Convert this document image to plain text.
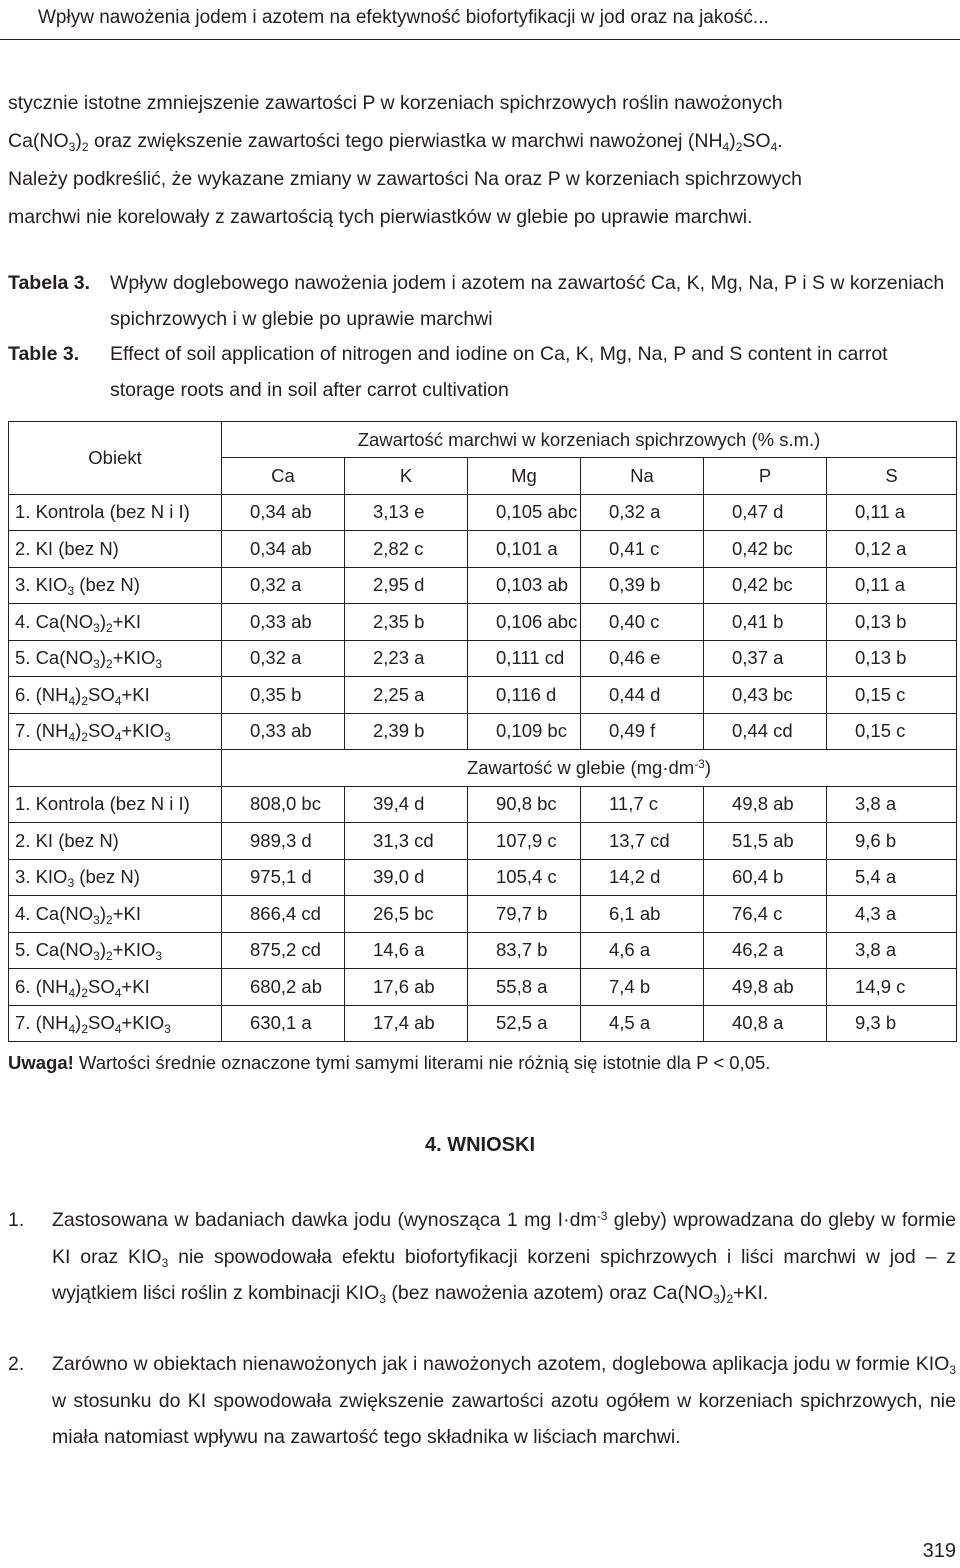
Wpływ nawożenia jodem i azotem na efektywność biofortyfikacji w jod oraz na jakość...
stycznie istotne zmniejszenie zawartości P w korzeniach spichrzowych roślin nawożonych
$Ca(NO_3)_2$ oraz zwiększenie zawartości tego pierwiastka w marchwi nawożonej $(NH_4)_2SO_4$.
Należy podkreślić, że wykazane zmiany w zawartości Na oraz P w korzeniach spichrzowych
marchwi nie korelowały z zawartością tych pierwiastków w glebie po uprawie marchwi.
Tabela 3. Wpływ doglebowego nawożenia jodem i azotem na zawartość Ca, K, Mg, Na, P i S w korzeniach spichrzowych i w glebie po uprawie marchwi
Table 3. Effect of soil application of nitrogen and iodine on Ca, K, Mg, Na, P and S content in carrot storage roots and in soil after carrot cultivation
Obiekt	Zawartość marchwi w korzeniach spichrzowych (% s.m.)					
	Ca	K	Mg	Na	P	S
1. Kontrola (bez N i I)	0,34 ab	3,13 e	0,105 abc	0,32 a	0,47 d	0,11 a
2. KI (bez N)	0,34 ab	2,82 c	0,101 a	0,41 c	0,42 bc	0,12 a
3. $KIO_3$ (bez N)	0,32 a	2,95 d	0,103 ab	0,39 b	0,42 bc	0,11 a
4. $Ca(NO_3)_2+KI$	0,33 ab	2,35 b	0,106 abc	0,40 c	0,41 b	0,13 b
5. $Ca(NO_3)_2+KIO_3$	0,32 a	2,23 a	0,111 cd	0,46 e	0,37 a	0,13 b
6. $(NH_4)_2SO_4+KI$	0,35 b	2,25 a	0,116 d	0,44 d	0,43 bc	0,15 c
7. $(NH_4)_2SO_4+KIO_3$	0,33 ab	2,39 b	0,109 bc	0,49 f	0,44 cd	0,15 c
	Zawartość w glebie $(mg\cdot dm^{-3})$					
1. Kontrola (bez N i I)	808,0 bc	39,4 d	90,8 bc	11,7 c	49,8 ab	3,8 a
2. KI (bez N)	989,3 d	31,3 cd	107,9 c	13,7 cd	51,5 ab	9,6 b
3. $KIO_3$ (bez N)	975,1 d	39,0 d	105,4 c	14,2 d	60,4 b	5,4 a
4. $Ca(NO_3)_2+KI$	866,4 cd	26,5 bc	79,7 b	6,1 ab	76,4 c	4,3 a
5. $Ca(NO_3)_2+KIO_3$	875,2 cd	14,6 a	83,7 b	4,6 a	46,2 a	3,8 a
6. $(NH_4)_2SO_4+KI$	680,2 ab	17,6 ab	55,8 a	7,4 b	49,8 ab	14,9 c
7. $(NH_4)_2SO_4+KIO_3$	630,1 a	17,4 ab	52,5 a	4,5 a	40,8 a	9,3 b
Uwaga! Wartości średnie oznaczone tymi samymi literami nie różnią się istotnie dla P < 0,05.
4. WNIOSKI
1. Zastosowana w badaniach dawka jodu (wynosząca 1 mg $I\cdot dm^{-3}$ gleby) wprowadzana do gleby w formie KI oraz $KIO_3$ nie spowodowała efektu biofortyfikacji korzeni spichrzowych i liści marchwi w jod – z wyjątkiem liści roślin z kombinacji $KIO_3$ (bez nawożenia azotem) oraz $Ca(NO_3)_2+KI$.
2. Zarówno w obiektach nienawożonych jak i nawożonych azotem, doglebowa aplikacja jodu w formie $KIO_3$ w stosunku do KI spowodowała zwiększenie zawartości azotu ogółem w korzeniach spichrzowych, nie miała natomiast wpływu na zawartość tego składnika w liściach marchwi.
319
